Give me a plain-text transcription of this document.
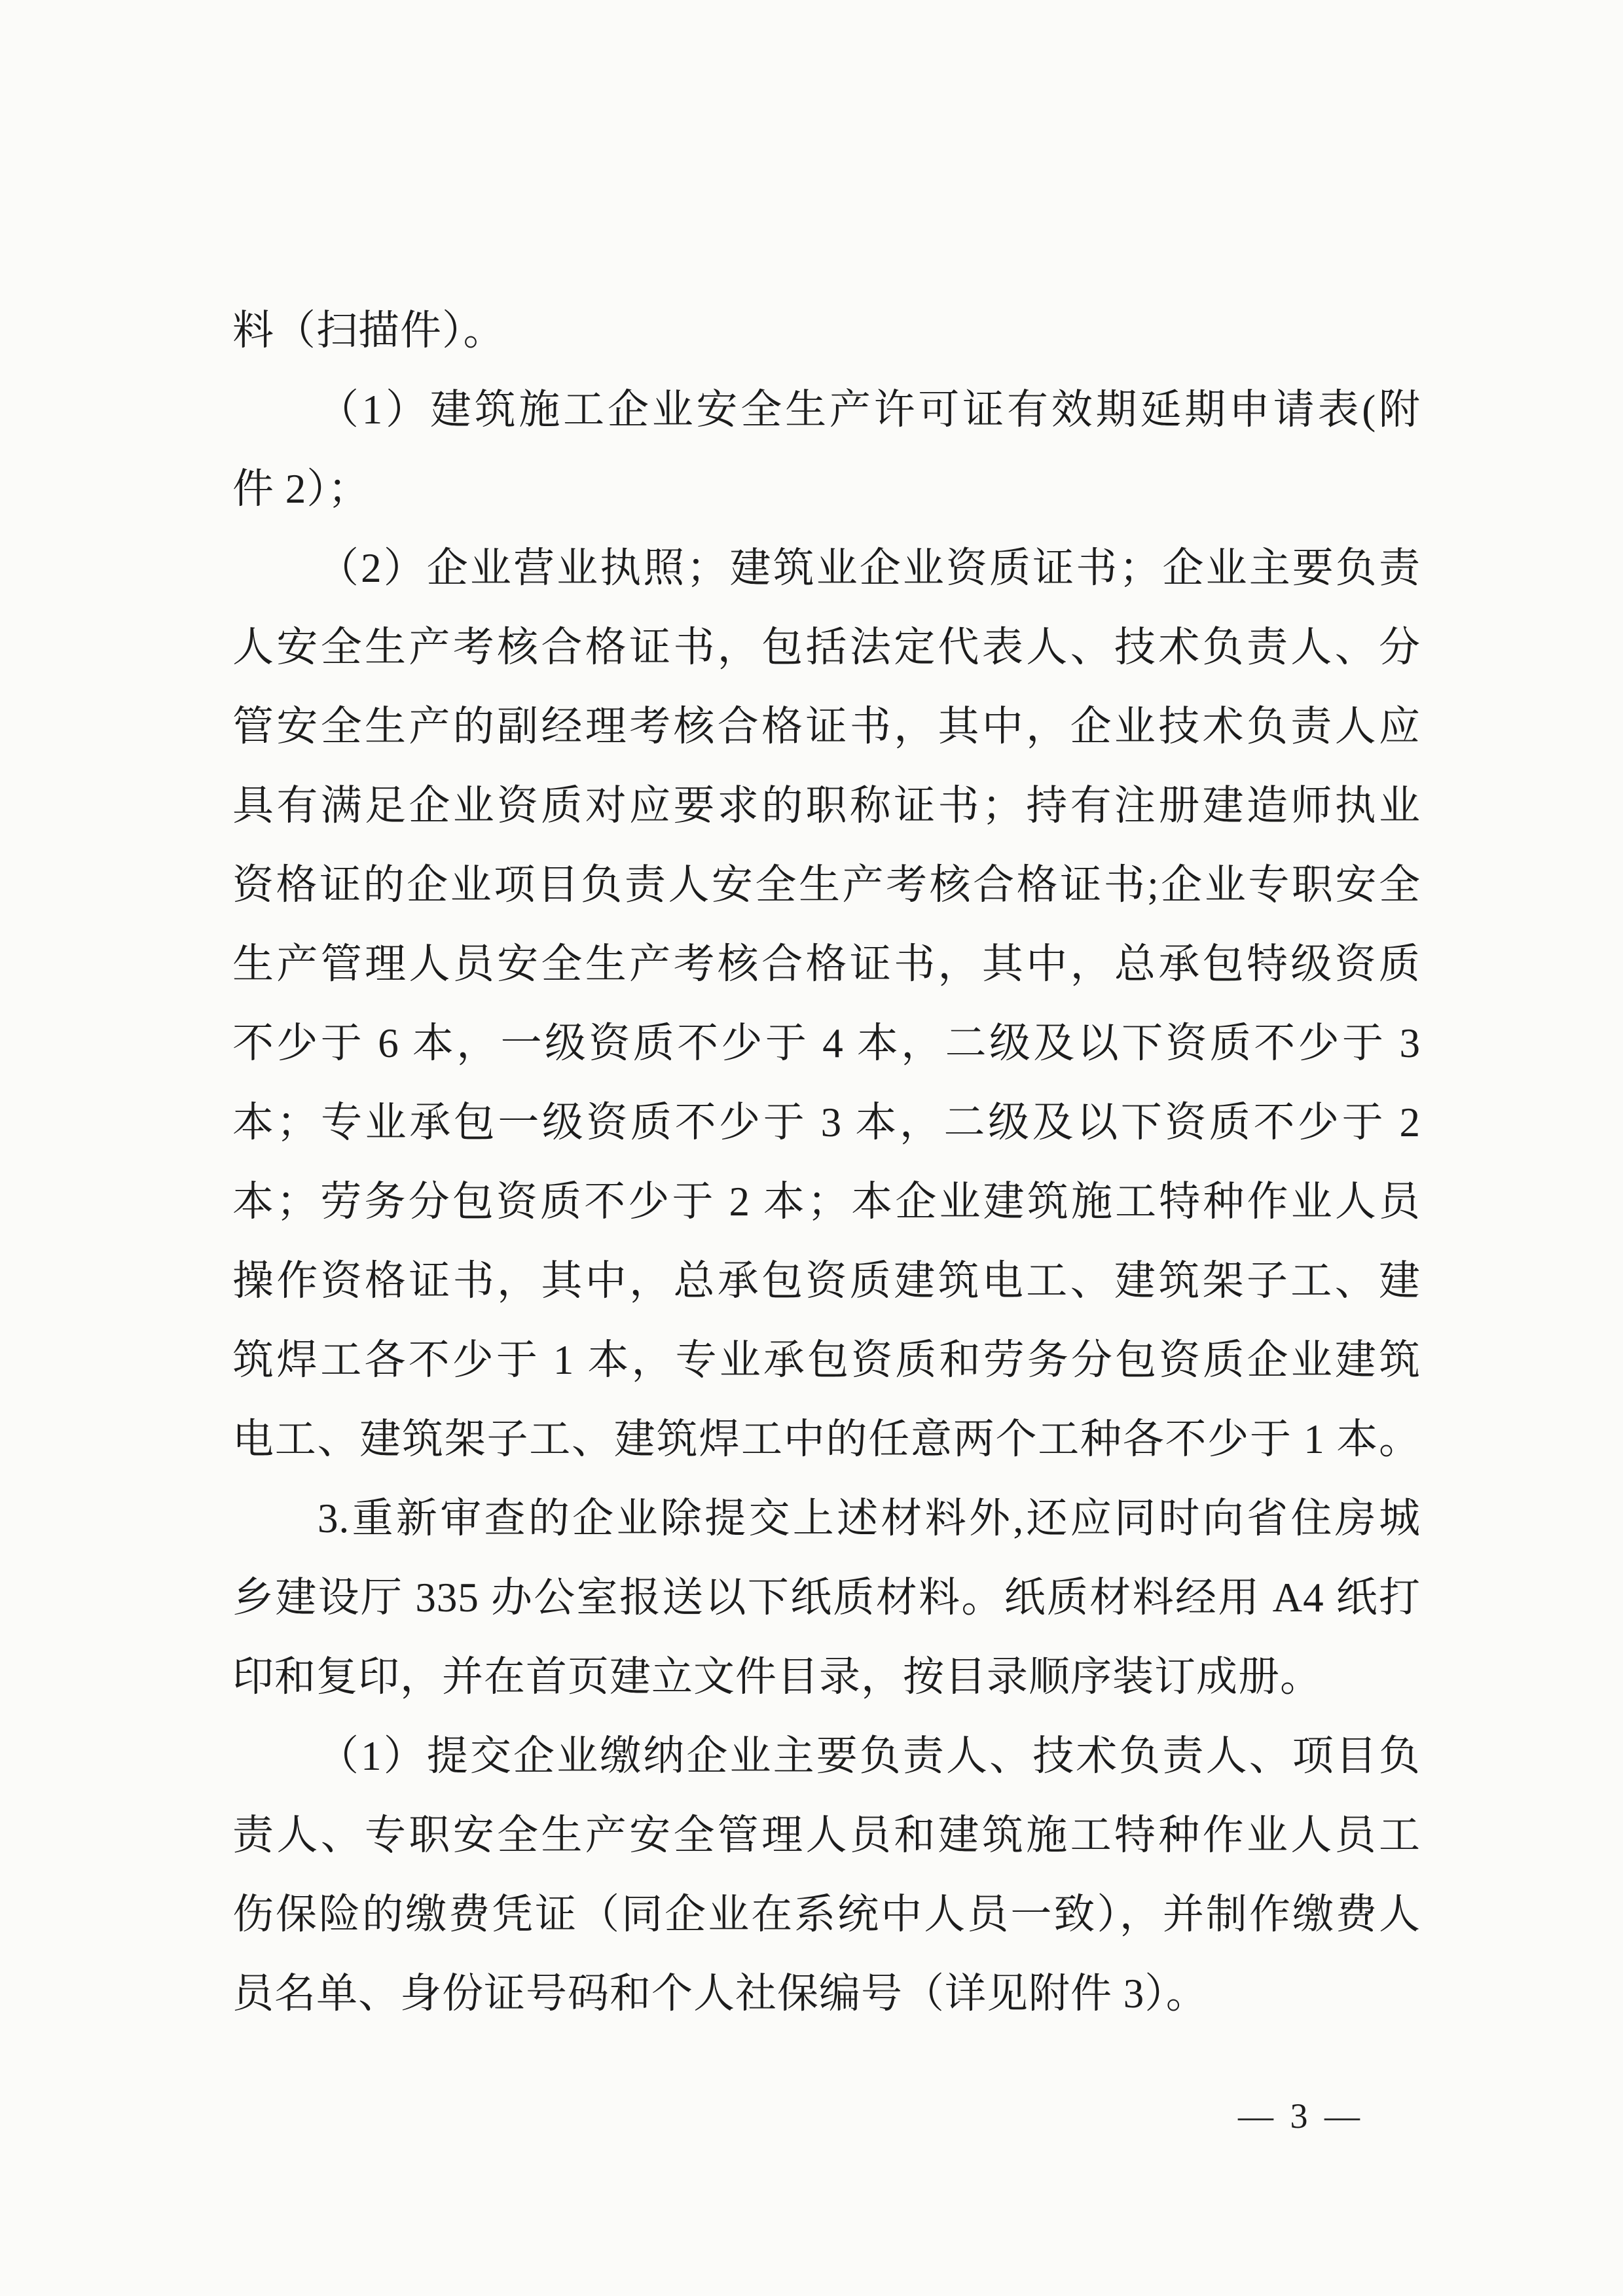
料（扫描件）。
（1）建筑施工企业安全生产许可证有效期延期申请表(附
件 2）；
（2）企业营业执照；建筑业企业资质证书；企业主要负责
人安全生产考核合格证书，包括法定代表人、技术负责人、分
管安全生产的副经理考核合格证书，其中，企业技术负责人应
具有满足企业资质对应要求的职称证书；持有注册建造师执业
资格证的企业项目负责人安全生产考核合格证书;企业专职安全
生产管理人员安全生产考核合格证书，其中，总承包特级资质
不少于 6 本，一级资质不少于 4 本，二级及以下资质不少于 3
本；专业承包一级资质不少于 3 本，二级及以下资质不少于 2
本；劳务分包资质不少于 2 本；本企业建筑施工特种作业人员
操作资格证书，其中，总承包资质建筑电工、建筑架子工、建
筑焊工各不少于 1 本，专业承包资质和劳务分包资质企业建筑
电工、建筑架子工、建筑焊工中的任意两个工种各不少于 1 本。
3.重新审查的企业除提交上述材料外,还应同时向省住房城
乡建设厅 335 办公室报送以下纸质材料。纸质材料经用 A4 纸打
印和复印，并在首页建立文件目录，按目录顺序装订成册。
（1）提交企业缴纳企业主要负责人、技术负责人、项目负
责人、专职安全生产安全管理人员和建筑施工特种作业人员工
伤保险的缴费凭证（同企业在系统中人员一致），并制作缴费人
员名单、身份证号码和个人社保编号（详见附件 3）。
— 3 —
